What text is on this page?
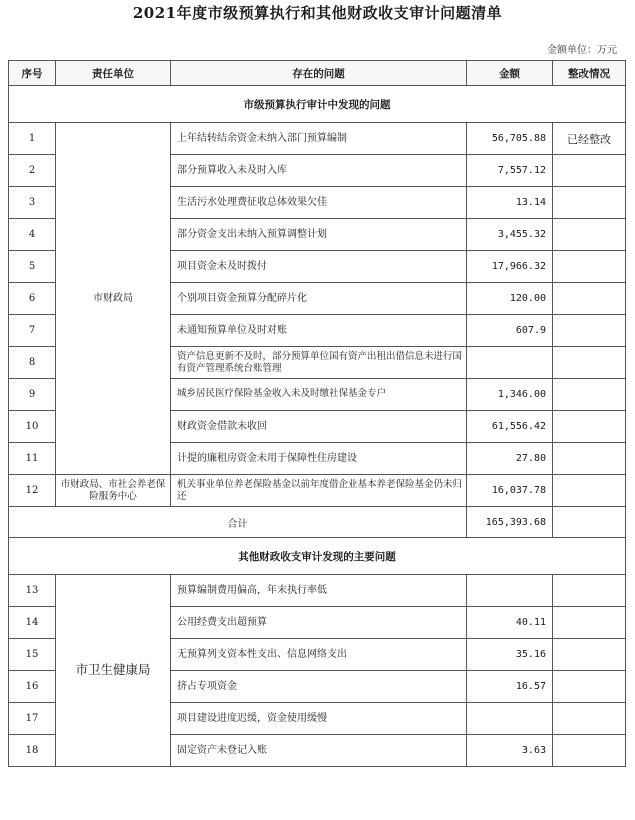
2021年度市级预算执行和其他财政收支审计问题清单
金额单位：万元
序号	责任单位	存在的问题	金额	整改情况
市级预算执行审计中发现的问题				
1	市财政局	上年结转结余资金未纳入部门预算编制	56,705.88	已经整改
2		部分预算收入未及时入库	7,557.12	
3		生活污水处理费征收总体效果欠佳	13.14	
4		部分资金支出未纳入预算调整计划	3,455.32	
5		项目资金未及时拨付	17,966.32	
6		个别项目资金预算分配碎片化	120.00	
7		未通知预算单位及时对账	607.9	
8		资产信息更新不及时，部分预算单位国有资产出租出借信息未进行国有资产管理系统台账管理		
9		城乡居民医疗保险基金收入未及时缴社保基金专户	1,346.00	
10		财政资金借款未收回	61,556.42	
11		计提的廉租房资金未用于保障性住房建设	27.80	
12	市财政局、市社会养老保险服务中心	机关事业单位养老保险基金以前年度借企业基本养老保险基金仍未归还	16,037.78	
合计			165,393.68	
其他财政收支审计发现的主要问题				
13	市卫生健康局	预算编制费用偏高，年末执行率低		
14		公用经费支出超预算	40.11	
15		无预算列支资本性支出、信息网络支出	35.16	
16		挤占专项资金	16.57	
17		项目建设进度迟缓，资金使用缓慢		
18		固定资产未登记入账	3.63	
